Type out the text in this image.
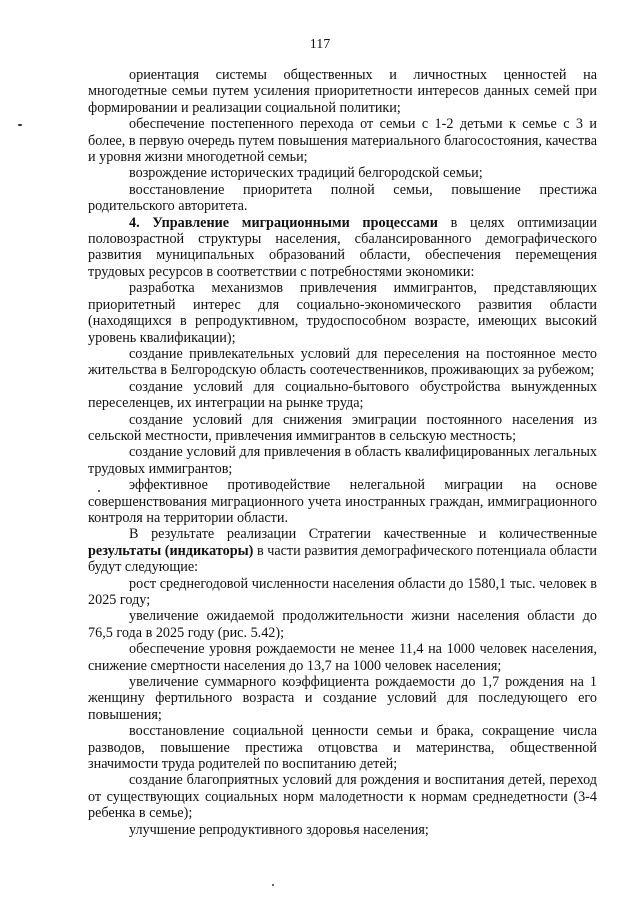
117

ориентация системы общественных и личностных ценностей на многодетные семьи путем усиления приоритетности интересов данных семей при формировании и реализации социальной политики;

обеспечение постепенного перехода от семьи с 1-2 детьми к семье с 3 и более, в первую очередь путем повышения материального благосостояния, качества и уровня жизни многодетной семьи;

возрождение исторических традиций белгородской семьи;

восстановление приоритета полной семьи, повышение престижа родительского авторитета.

4. Управление миграционными процессами в целях оптимизации половозрастной структуры населения, сбалансированного демографического развития муниципальных образований области, обеспечения перемещения трудовых ресурсов в соответствии с потребностями экономики:

разработка механизмов привлечения иммигрантов, представляющих приоритетный интерес для социально-экономического развития области (находящихся в репродуктивном, трудоспособном возрасте, имеющих высокий уровень квалификации);

создание привлекательных условий для переселения на постоянное место жительства в Белгородскую область соотечественников, проживающих за рубежом;

создание условий для социально-бытового обустройства вынужденных переселенцев, их интеграции на рынке труда;

создание условий для снижения эмиграции постоянного населения из сельской местности, привлечения иммигрантов в сельскую местность;

создание условий для привлечения в область квалифицированных легальных трудовых иммигрантов;

эффективное противодействие нелегальной миграции на основе совершенствования миграционного учета иностранных граждан, иммиграционного контроля на территории области.

В результате реализации Стратегии качественные и количественные результаты (индикаторы) в части развития демографического потенциала области будут следующие:

рост среднегодовой численности населения области до 1580,1 тыс. человек в 2025 году;

увеличение ожидаемой продолжительности жизни населения области до 76,5 года в 2025 году (рис. 5.42);

обеспечение уровня рождаемости не менее 11,4 на 1000 человек населения, снижение смертности населения до 13,7 на 1000 человек населения;

увеличение суммарного коэффициента рождаемости до 1,7 рождения на 1 женщину фертильного возраста и создание условий для последующего его повышения;

восстановление социальной ценности семьи и брака, сокращение числа разводов, повышение престижа отцовства и материнства, общественной значимости труда родителей по воспитанию детей;

создание благоприятных условий для рождения и воспитания детей, переход от существующих социальных норм малодетности к нормам среднедетности (3-4 ребенка в семье);

улучшение репродуктивного здоровья населения;
